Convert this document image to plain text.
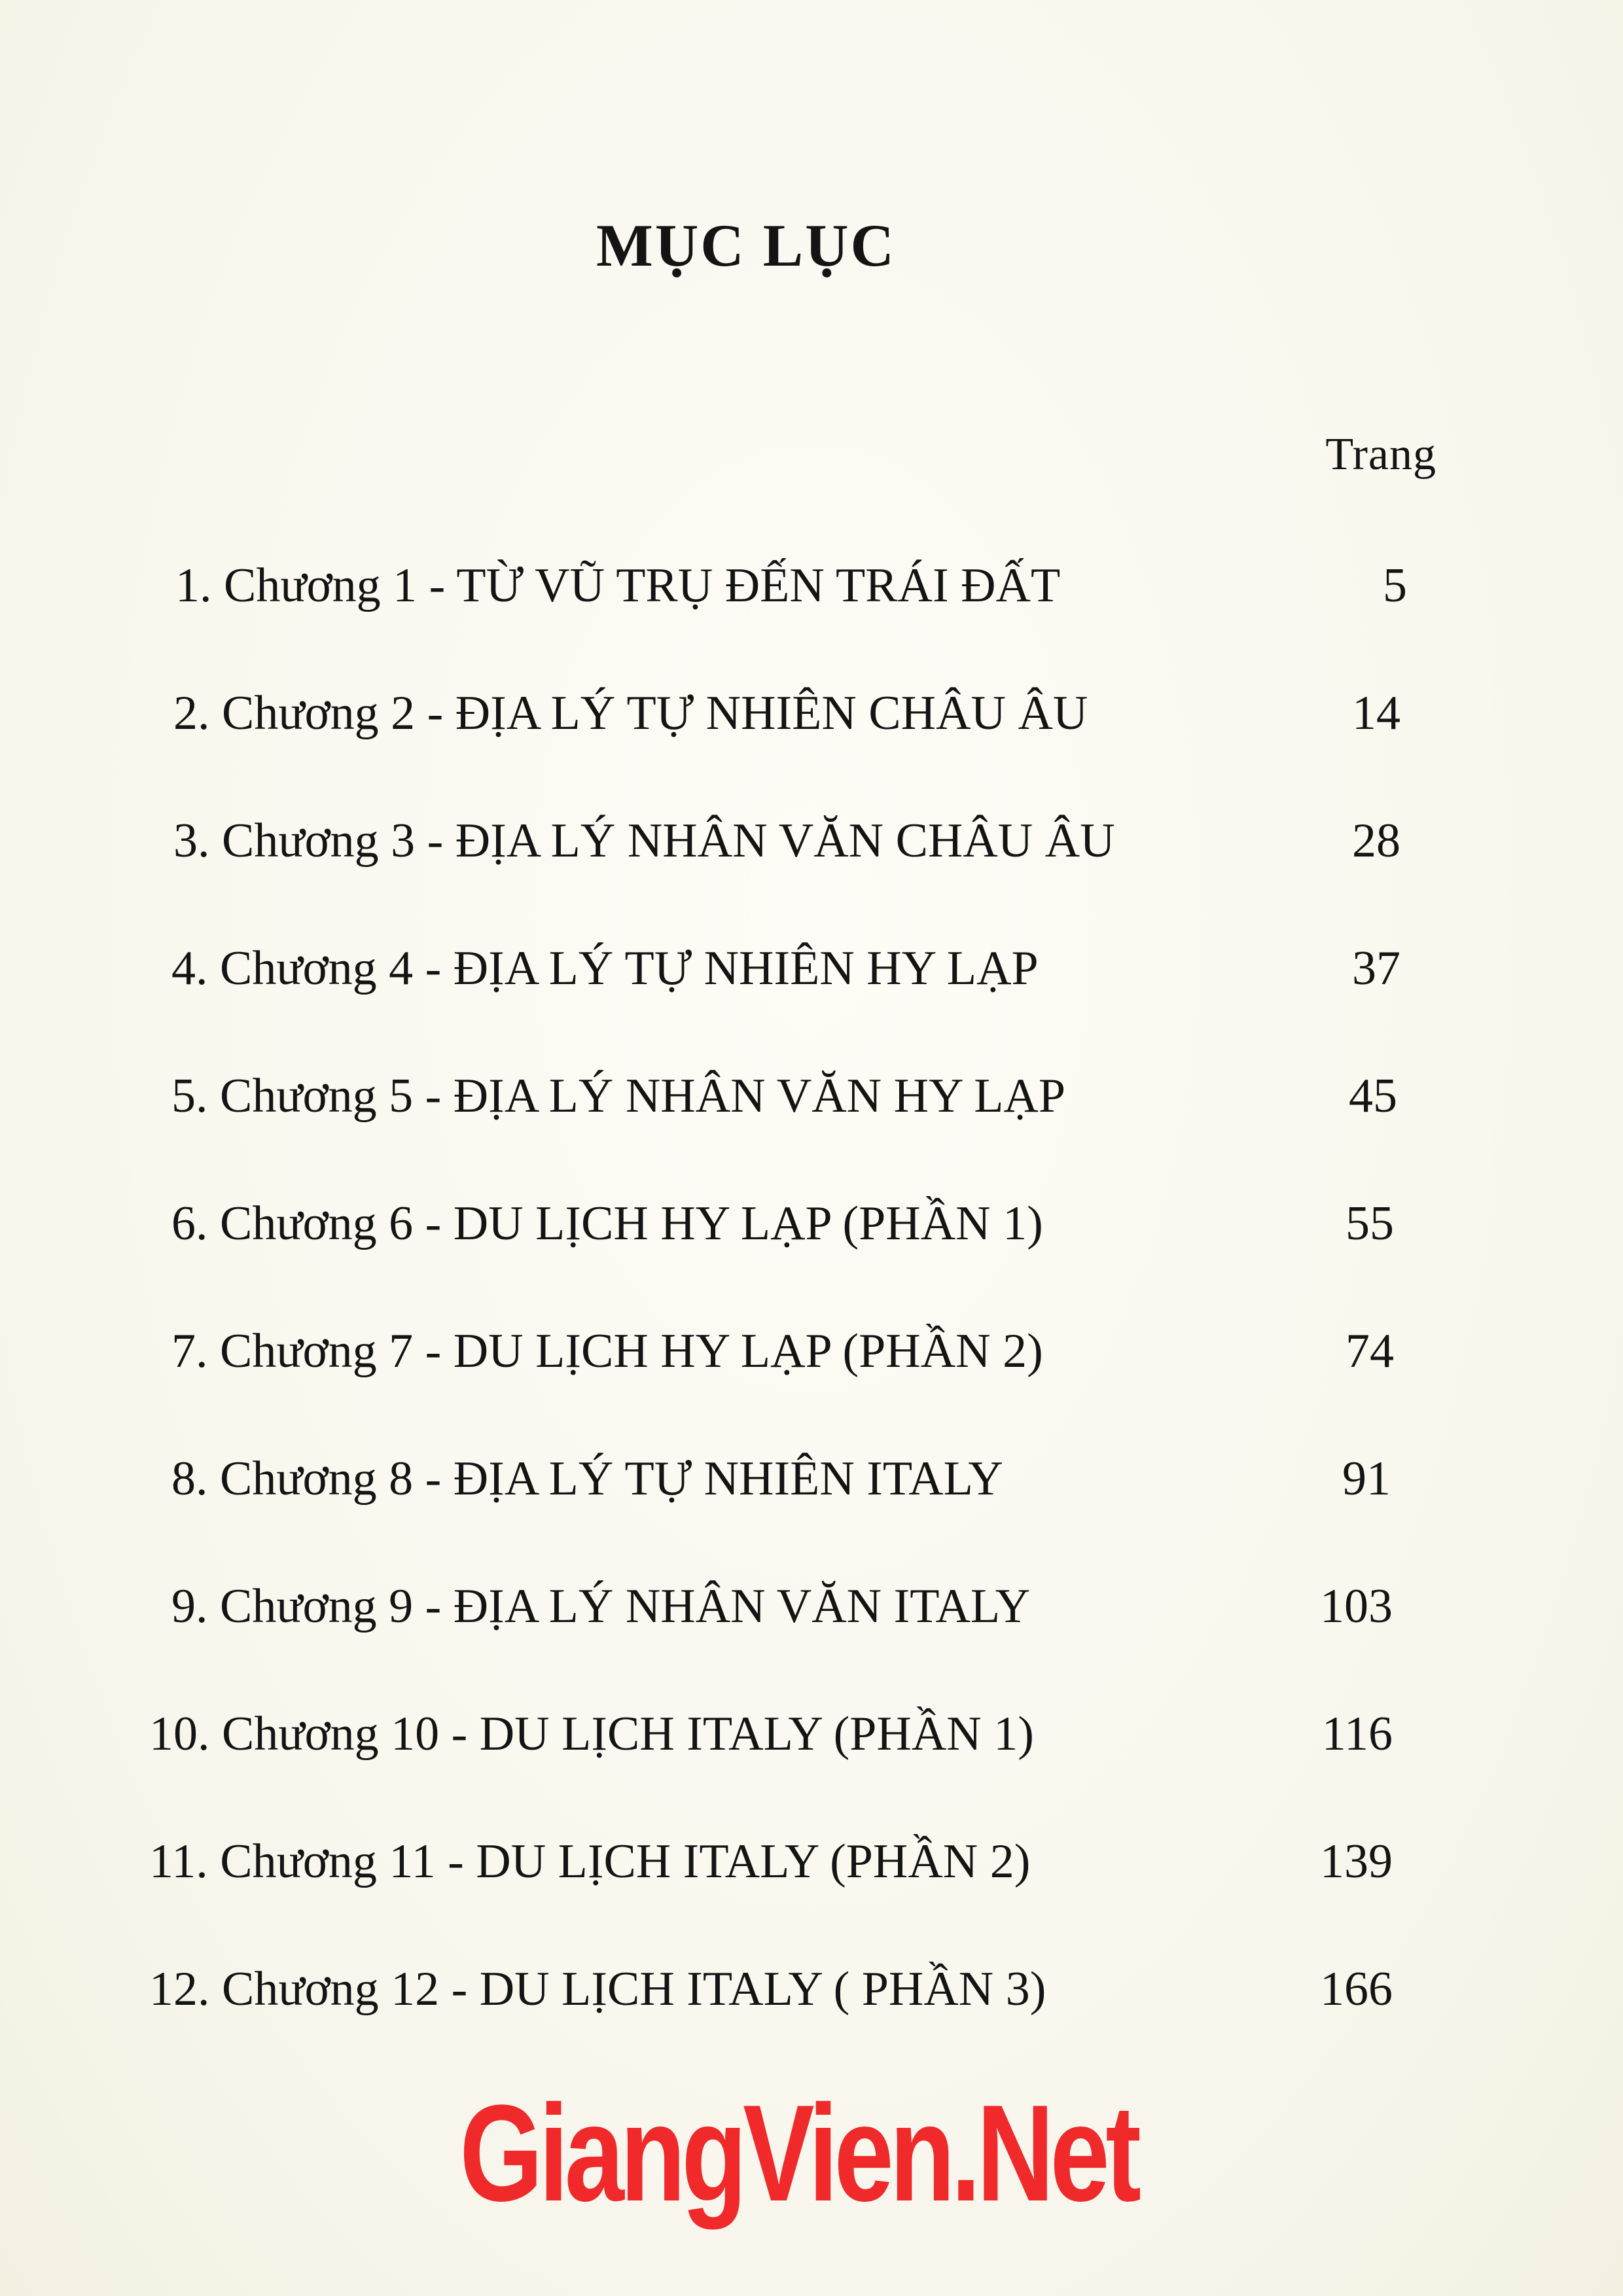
MỤC LỤC
Trang
1. Chương 1 - TỪ VŨ TRỤ ĐẾN TRÁI ĐẤT	5
2. Chương 2 - ĐỊA LÝ TỰ NHIÊN CHÂU ÂU	14
3. Chương 3 - ĐỊA LÝ NHÂN VĂN CHÂU ÂU	28
4. Chương 4 - ĐỊA LÝ TỰ NHIÊN HY LẠP	37
5. Chương 5 - ĐỊA LÝ NHÂN VĂN HY LẠP	45
6. Chương 6 - DU LỊCH HY LẠP (PHẦN 1)	55
7. Chương 7 - DU LỊCH HY LẠP (PHẦN 2)	74
8. Chương 8 - ĐỊA LÝ TỰ NHIÊN ITALY	91
9. Chương 9 - ĐỊA LÝ NHÂN VĂN ITALY	103
10. Chương 10 - DU LỊCH ITALY (PHẦN 1)	116
11. Chương 11 - DU LỊCH ITALY (PHẦN 2)	139
12. Chương 12 - DU LỊCH ITALY ( PHẦN 3)	166
GiangVien.Net
